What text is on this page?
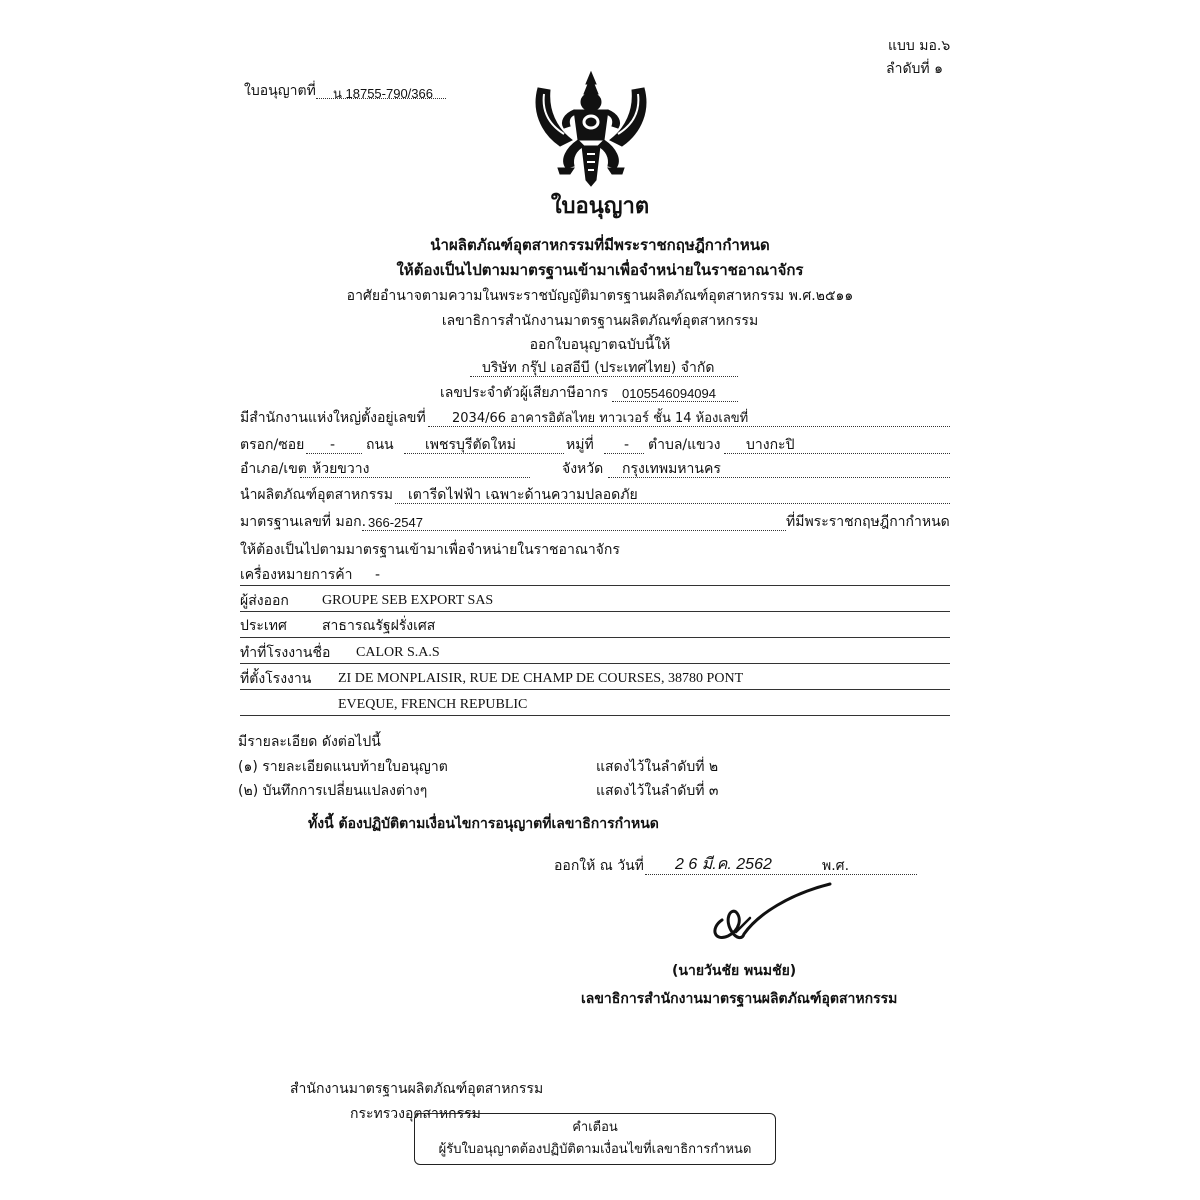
แบบ มอ.๖
ลำดับที่ ๑
ใบอนุญาตที่ น 18755-790/366
ใบอนุญาต
นำผลิตภัณฑ์อุตสาหกรรมที่มีพระราชกฤษฎีกากำหนด
ให้ต้องเป็นไปตามมาตรฐานเข้ามาเพื่อจำหน่ายในราชอาณาจักร
อาศัยอำนาจตามความในพระราชบัญญัติมาตรฐานผลิตภัณฑ์อุตสาหกรรม พ.ศ.๒๕๑๑
เลขาธิการสำนักงานมาตรฐานผลิตภัณฑ์อุตสาหกรรม
ออกใบอนุญาตฉบับนี้ให้
บริษัท กรุ๊ป เอสอีบี (ประเทศไทย) จำกัด
เลขประจำตัวผู้เสียภาษีอากร 0105546094094
มีสำนักงานแห่งใหญ่ตั้งอยู่เลขที่ 2034/66 อาคารอิตัลไทย ทาวเวอร์ ชั้น 14 ห้องเลขที่
ตรอก/ซอย - ถนน เพชรบุรีตัดใหม่	หมู่ที่ - ตำบล/แขวง บางกะปิ
อำเภอ/เขต ห้วยขวาง	จังหวัด กรุงเทพมหานคร
นำผลิตภัณฑ์อุตสาหกรรม เตารีดไฟฟ้า เฉพาะด้านความปลอดภัย
มาตรฐานเลขที่ มอก. 366-2547	ที่มีพระราชกฤษฎีกากำหนด
ให้ต้องเป็นไปตามมาตรฐานเข้ามาเพื่อจำหน่ายในราชอาณาจักร
เครื่องหมายการค้า -
ผู้ส่งออก GROUPE SEB EXPORT SAS
ประเทศ	สาธารณรัฐฝรั่งเศส
ทำที่โรงงานชื่อ CALOR S.A.S
ที่ตั้งโรงงาน ZI DE MONPLAISIR, RUE DE CHAMP DE COURSES, 38780 PONT
EVEQUE, FRENCH REPUBLIC
มีรายละเอียด ดังต่อไปนี้
(๑) รายละเอียดแนบท้ายใบอนุญาต	แสดงไว้ในลำดับที่ ๒
(๒) บันทึกการเปลี่ยนแปลงต่างๆ	แสดงไว้ในลำดับที่ ๓
ทั้งนี้ ต้องปฏิบัติตามเงื่อนไขการอนุญาตที่เลขาธิการกำหนด
ออกให้ ณ วันที่ 2 6 มี.ค. 2562	พ.ศ.
(นายวันชัย พนมชัย)
เลขาธิการสำนักงานมาตรฐานผลิตภัณฑ์อุตสาหกรรม
สำนักงานมาตรฐานผลิตภัณฑ์อุตสาหกรรม
กระทรวงอุตสาหกรรม
คำเตือน
ผู้รับใบอนุญาตต้องปฏิบัติตามเงื่อนไขที่เลขาธิการกำหนด
